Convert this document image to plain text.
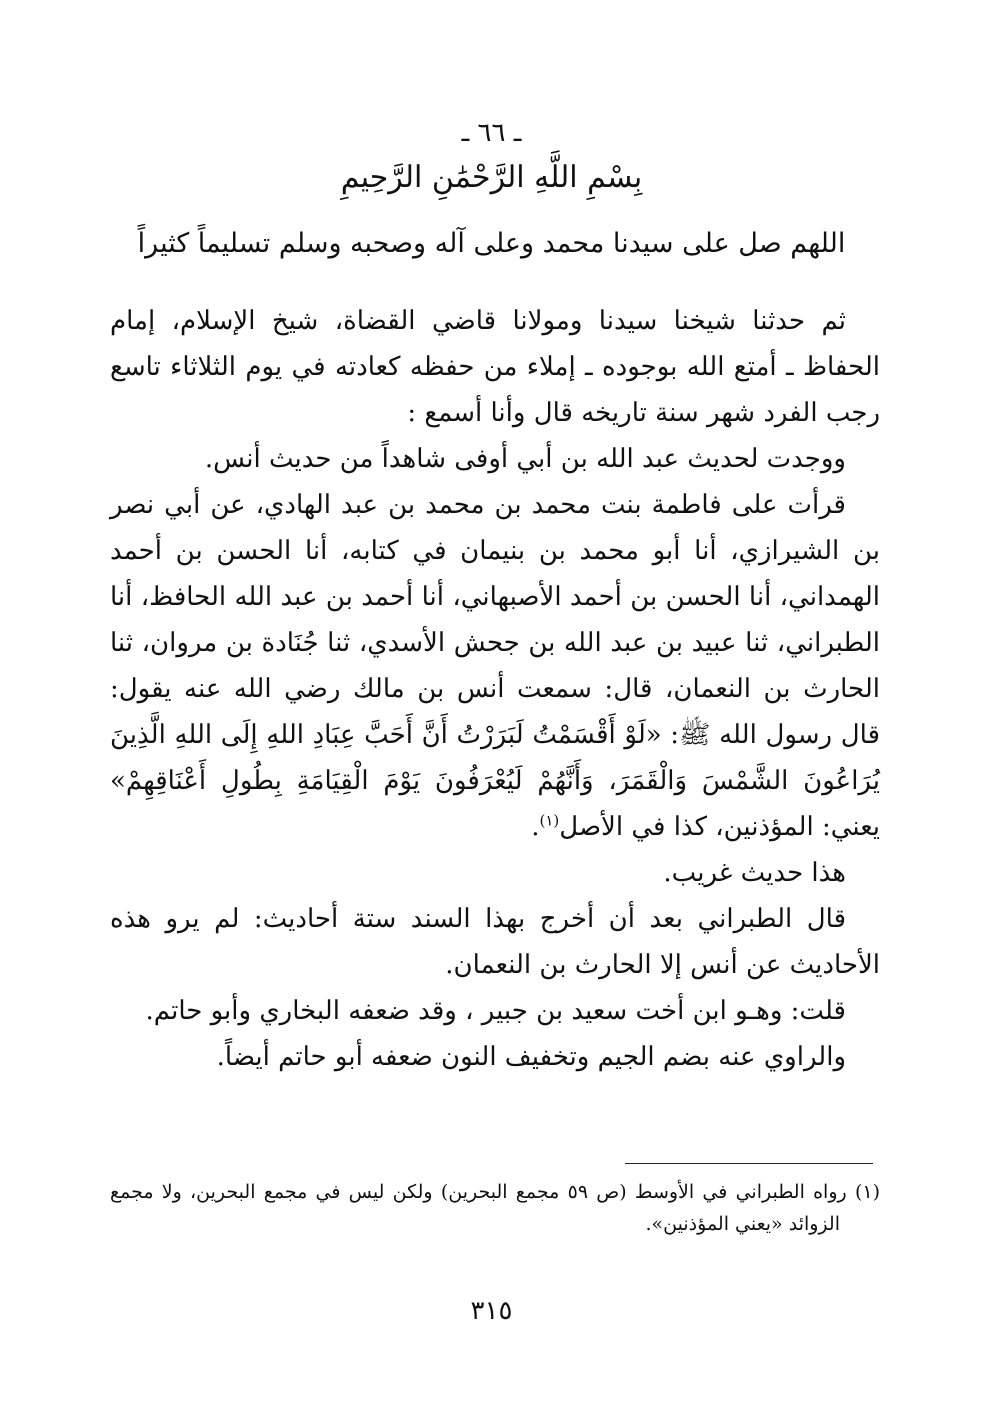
ـ ٦٦ ـ
بِسْمِ اللَّهِ الرَّحْمَٰنِ الرَّحِيمِ
اللهم صل على سيدنا محمد وعلى آله وصحبه وسلم تسليماً كثيراً

ثم حدثنا شيخنا سيدنا ومولانا قاضي القضاة، شيخ الإسلام، إمام الحفاظ ـ أمتع الله بوجوده ـ إملاء من حفظه كعادته في يوم الثلاثاء تاسع رجب الفرد شهر سنة تاريخه قال وأنا أسمع :

ووجدت لحديث عبد الله بن أبي أوفى شاهداً من حديث أنس.

قرأت على فاطمة بنت محمد بن محمد بن عبد الهادي، عن أبي نصر بن الشيرازي، أنا أبو محمد بن بنيمان في كتابه، أنا الحسن بن أحمد الهمداني، أنا الحسن بن أحمد الأصبهاني، أنا أحمد بن عبد الله الحافظ، أنا الطبراني، ثنا عبيد بن عبد الله بن جحش الأسدي، ثنا جُنَادة بن مروان، ثنا الحارث بن النعمان، قال: سمعت أنس بن مالك رضي الله عنه يقول: قال رسول الله ﷺ: «لَوْ أَقْسَمْتُ لَبَرَرْتُ أَنَّ أَحَبَّ عِبَادِ اللهِ إِلَى اللهِ الَّذِينَ يُرَاعُونَ الشَّمْسَ وَالْقَمَرَ، وَأَنَّهُمْ لَيُعْرَفُونَ يَوْمَ الْقِيَامَةِ بِطُولِ أَعْنَاقِهِمْ» يعني: المؤذنين، كذا في الأصل$^{(١)}$.

هذا حديث غريب.

قال الطبراني بعد أن أخرج بهذا السند ستة أحاديث: لم يرو هذه الأحاديث عن أنس إلا الحارث بن النعمان.

قلت: وهـو ابن أخت سعيد بن جبير ، وقد ضعفه البخاري وأبو حاتم.

والراوي عنه بضم الجيم وتخفيف النون ضعفه أبو حاتم أيضاً.

(١) رواه الطبراني في الأوسط (ص ٥٩ مجمع البحرين) ولكن ليس في مجمع البحرين، ولا مجمع الزوائد «يعني المؤذنين».
٣١٥
